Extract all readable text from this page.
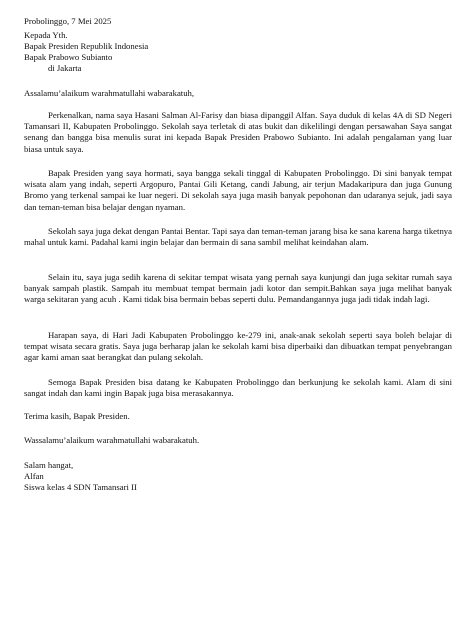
Probolinggo, 7 Mei 2025
Kepada Yth.
Bapak Presiden Republik Indonesia
Bapak Prabowo Subianto
di Jakarta
Assalamu’alaikum warahmatullahi wabarakatuh,
Perkenalkan, nama saya Hasani Salman Al-Farisy dan biasa dipanggil Alfan. Saya duduk di kelas 4A di SD Negeri Tamansari II, Kabupaten Probolinggo. Sekolah saya terletak di atas bukit dan dikelilingi dengan persawahan Saya sangat senang dan bangga bisa menulis surat ini kepada Bapak Presiden Prabowo Subianto. Ini adalah pengalaman yang luar biasa untuk saya.
Bapak Presiden yang saya hormati, saya bangga sekali tinggal di Kabupaten Probolinggo. Di sini banyak tempat wisata alam yang indah, seperti Argopuro, Pantai Gili Ketang, candi Jabung, air terjun Madakaripura dan juga Gunung Bromo yang terkenal sampai ke luar negeri. Di sekolah saya juga masih banyak pepohonan dan udaranya sejuk, jadi saya dan teman-teman bisa belajar dengan nyaman.
Sekolah saya juga dekat dengan Pantai Bentar. Tapi saya dan teman-teman jarang bisa ke sana karena harga tiketnya mahal untuk kami. Padahal kami ingin belajar dan bermain di sana sambil melihat keindahan alam.
Selain itu, saya juga sedih karena di sekitar tempat wisata yang pernah saya kunjungi dan juga sekitar rumah saya banyak sampah plastik. Sampah itu membuat tempat bermain jadi kotor dan sempit.Bahkan saya juga melihat banyak warga sekitaran yang acuh . Kami tidak bisa bermain bebas seperti dulu. Pemandangannya juga jadi tidak indah lagi.
Harapan saya, di Hari Jadi Kabupaten Probolinggo ke-279 ini, anak-anak sekolah seperti saya boleh belajar di tempat wisata secara gratis. Saya juga berharap jalan ke sekolah kami bisa diperbaiki dan dibuatkan tempat penyebrangan agar kami aman saat berangkat dan pulang sekolah.
Semoga Bapak Presiden bisa datang ke Kabupaten Probolinggo dan berkunjung ke sekolah kami. Alam di sini sangat indah dan kami ingin Bapak juga bisa merasakannya.
Terima kasih, Bapak Presiden.
Wassalamu’alaikum warahmatullahi wabarakatuh.
Salam hangat,
Alfan
Siswa kelas 4 SDN Tamansari II
